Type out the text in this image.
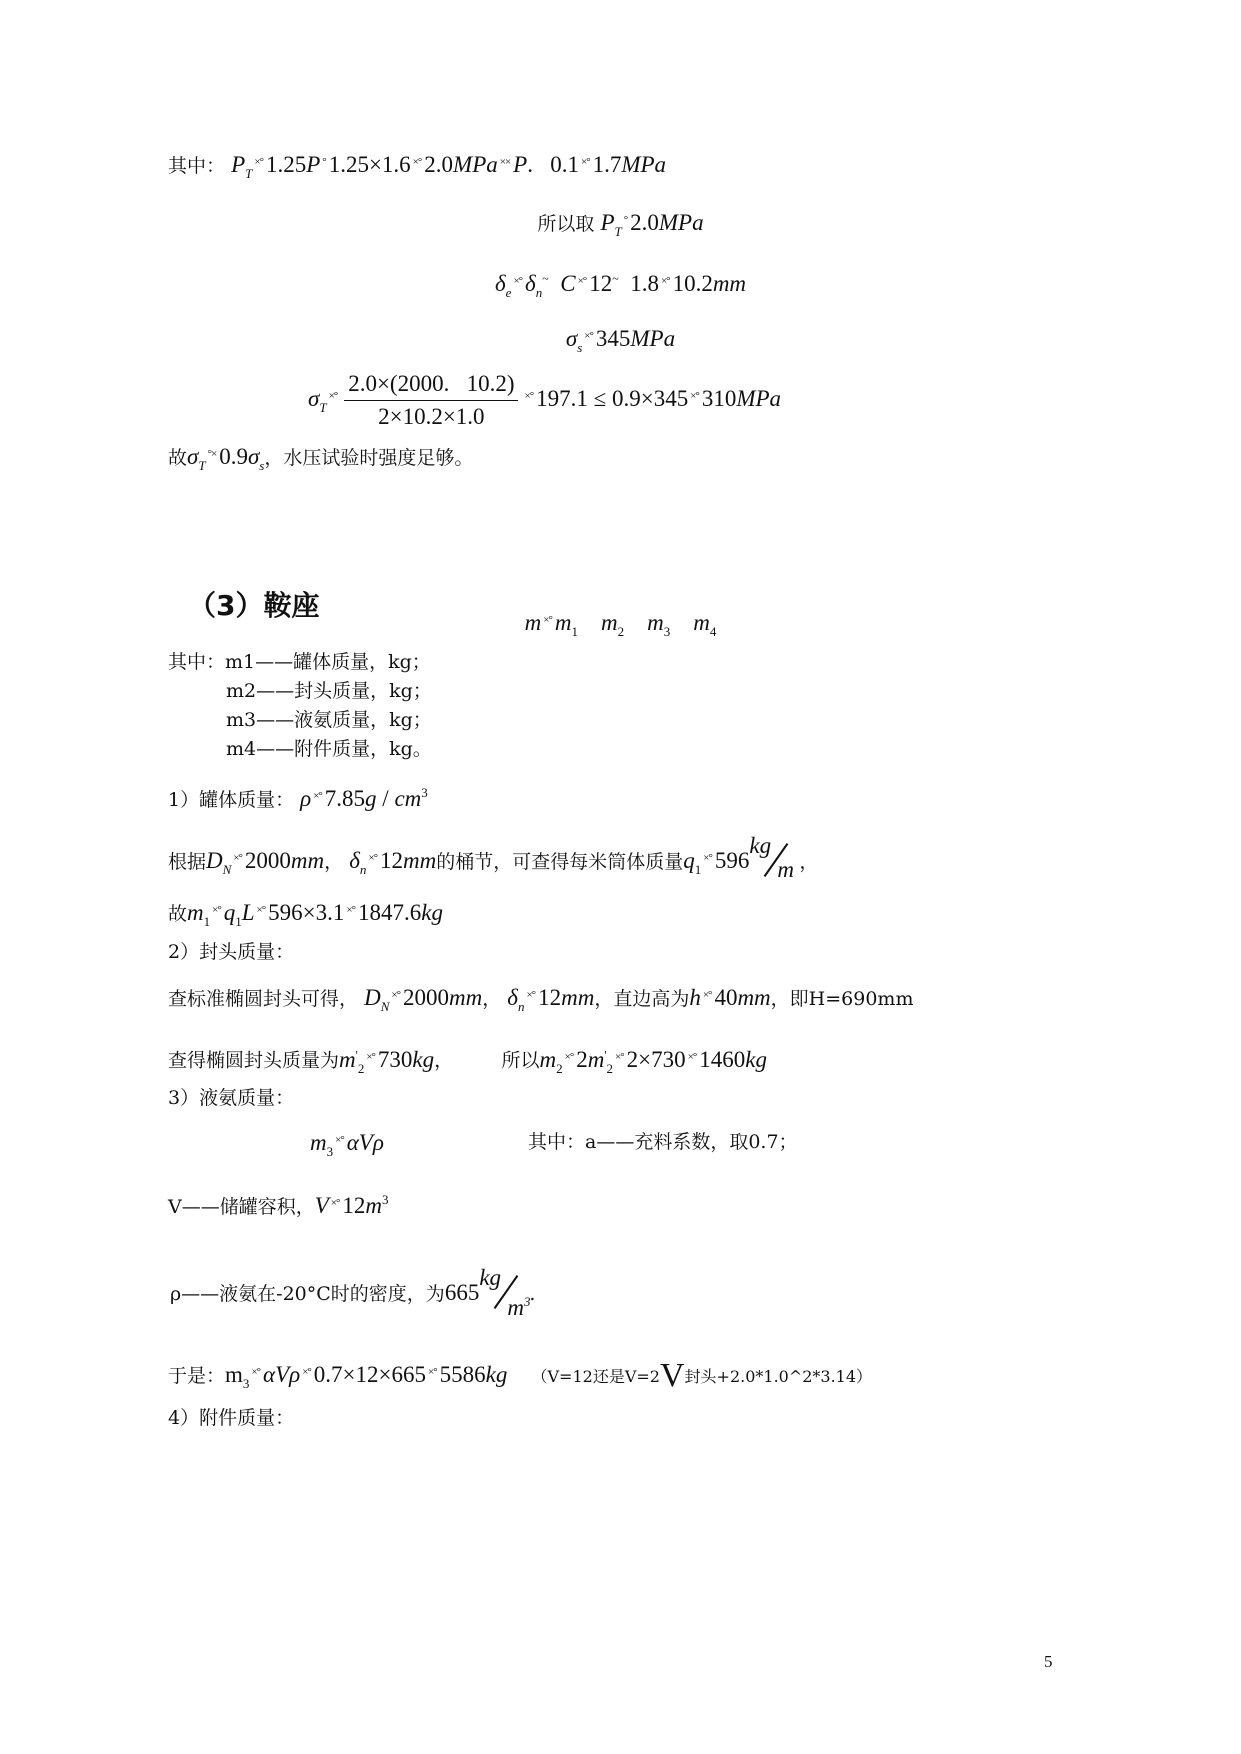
其中： $P_T^{\times^\circ}$ 1.25P ° 1.25×1.6 ×° 2.0MPa ×× P.   0.1 ×° 1.7MPa
所以取 $P_T^\circ$ 2.0MPa
$\delta_e^{\times^\circ}$ $\delta_n^\sim$ C ×° 12~  1.8 ×° 10.2mm
$\sigma_s^{\times^\circ}$ 345MPa
$\sigma_T^{\times^\circ} \frac{2.0\times(2000. 10.2)}{2\times 10.2\times 1.0} ^{\times^\circ}$ 197.1 ≤ 0.9×345 ×° 310MPa
故$\sigma_T^{^\circ\times}$ $0.9\sigma_s$，水压试验时强度足够。
（3）鞍座
m ×° $m_1$ $m_2$ $m_3$ $m_4$
其中：m1——罐体质量，kg；
m2——封头质量，kg；
m3——液氨质量，kg；
m4——附件质量，kg。
1）罐体质量： ρ ×° $7.85g / cm^3$
根据$D_N^{\times^\circ}$ 2000mm， $\delta_n^{\times^\circ}$ 12mm的桶节，可查得每米筒体质量$q_1^{\times^\circ}$ 596
kg
m ，
故$m_1^{\times^\circ}$ $q_1L$ ×° 596×3.1 ×° 1847.6kg
2）封头质量：
查标准椭圆封头可得， $D_N^{\times^\circ}$ 2000mm， $\delta_n^{\times^\circ}$ 12mm，直边高为h ×° 40mm，即H=690mm
查得椭圆封头质量为$m'_2^{\times^\circ}$ 730kg，	所以$m_2^{\times^\circ}$ $2m'_2^{\times^\circ}$ 2×730 ×° 1460kg
3）液氨质量：
$m_3^{\times^\circ}$ αVρ	其中：a——充料系数，取0.7；
V——储罐容积，V ×° $12m^3$
ρ——液氨在-20°C时的密度，为665
kg
$m^3$
.
于是：$m_3^{\times^\circ}$ αVρ ×° 0.7×12×665 ×° 5586kg （V=12还是V=2V封头+2.0*1.0^2*3.14）
4）附件质量：
5
